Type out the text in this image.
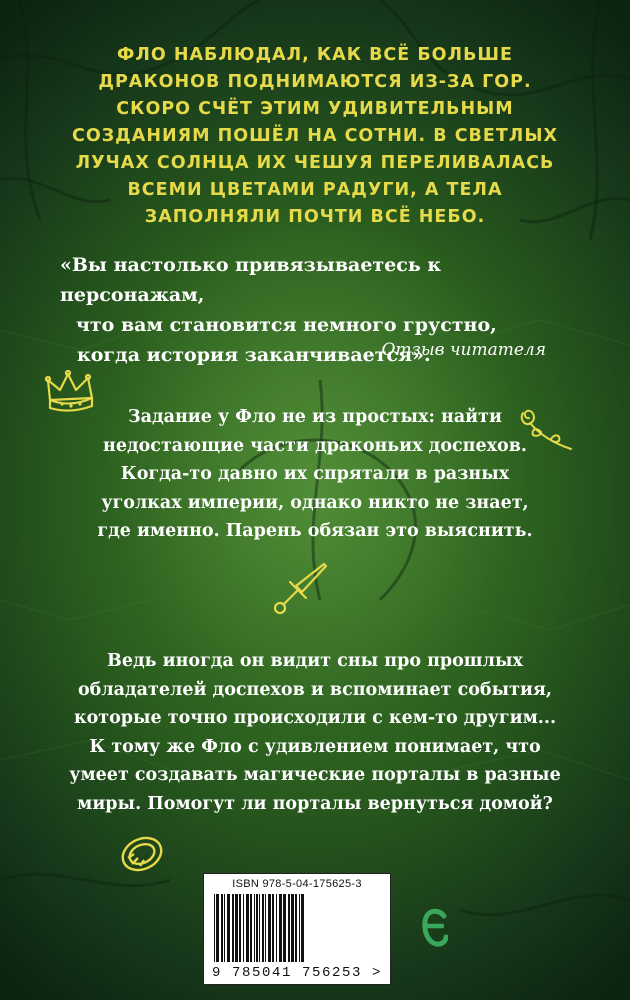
ФЛО НАБЛЮДАЛ, КАК ВСЁ БОЛЬШЕ
ДРАКОНОВ ПОДНИМАЮТСЯ ИЗ-ЗА ГОР.
СКОРО СЧЁТ ЭТИМ УДИВИТЕЛЬНЫМ
СОЗДАНИЯМ ПОШЁЛ НА СОТНИ. В СВЕТЛЫХ
ЛУЧАХ СОЛНЦА ИХ ЧЕШУЯ ПЕРЕЛИВАЛАСЬ
ВСЕМИ ЦВЕТАМИ РАДУГИ, А ТЕЛА
ЗАПОЛНЯЛИ ПОЧТИ ВСЁ НЕБО.
«Вы настолько привязываетесь к персонажам,
что вам становится немного грустно,
когда история заканчивается».
Отзыв читателя
Задание у Фло не из простых: найти
недостающие части драконьих доспехов.
Когда-то давно их спрятали в разных
уголках империи, однако никто не знает,
где именно. Парень обязан это выяснить.
Ведь иногда он видит сны про прошлых
обладателей доспехов и вспоминает события,
которые точно происходили с кем-то другим...
К тому же Фло с удивлением понимает, что
умеет создавать магические порталы в разные
миры. Помогут ли порталы вернуться домой?
ISBN 978-5-04-175625-3
9 785041 756253 >
